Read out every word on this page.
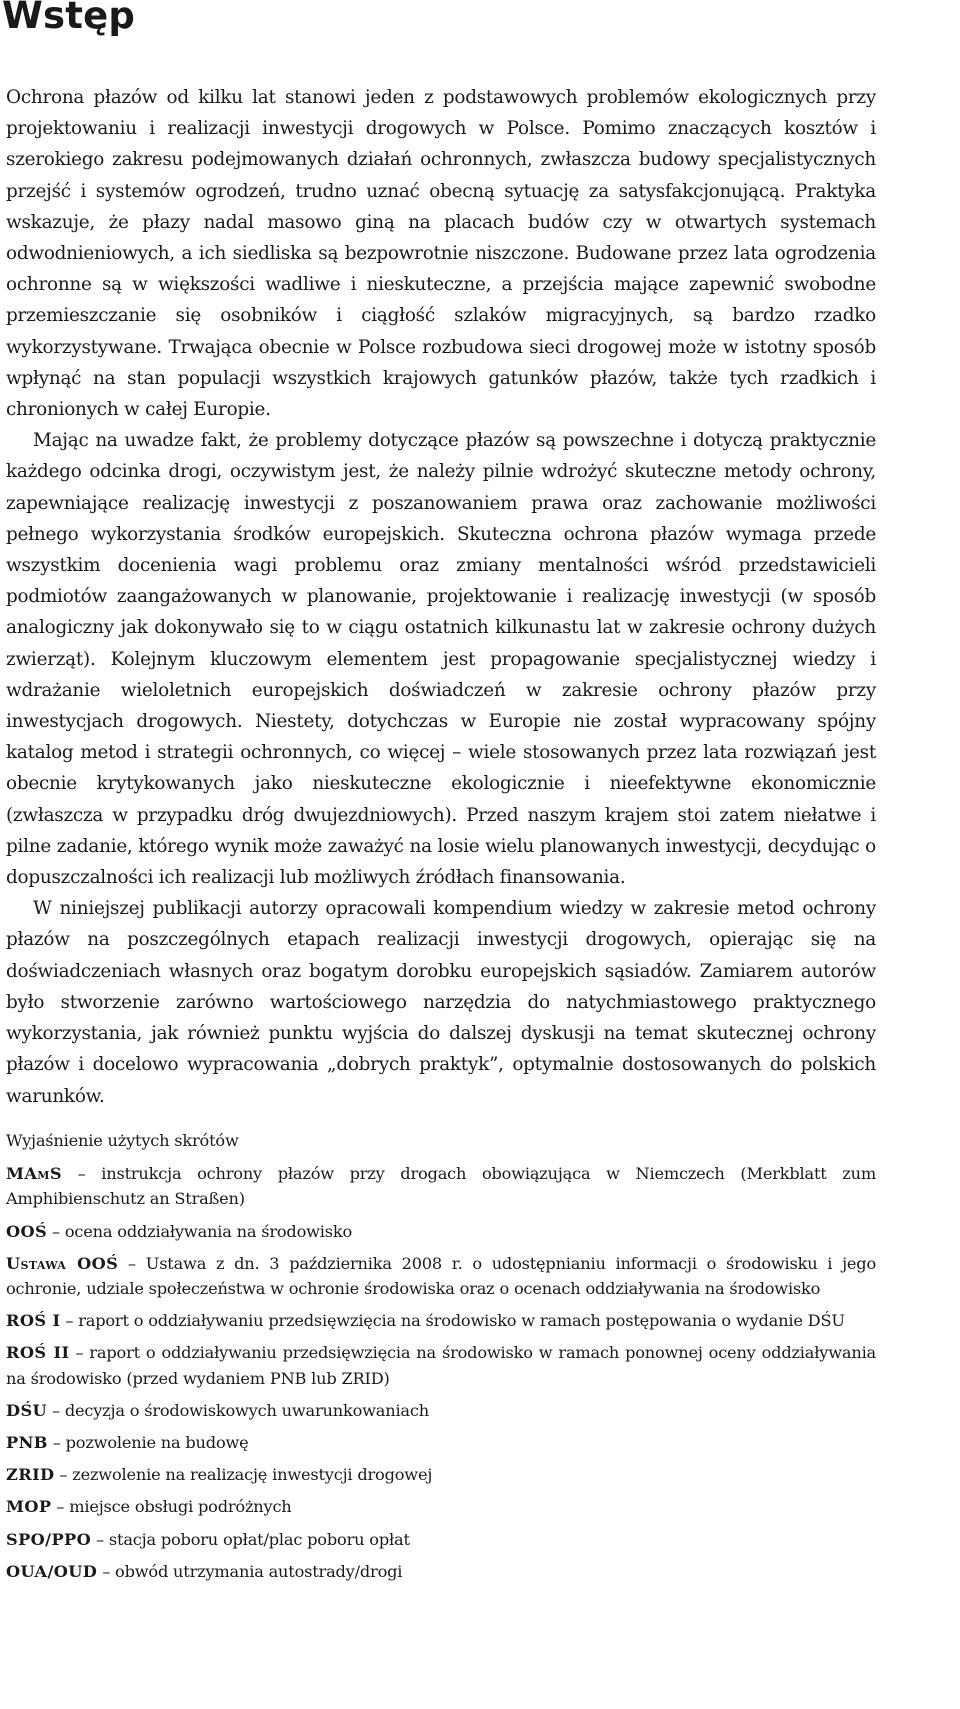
Wstęp

Ochrona płazów od kilku lat stanowi jeden z podstawowych problemów ekologicznych przy projektowaniu i realizacji inwestycji drogowych w Polsce. Pomimo znaczących kosztów i szerokiego zakresu podejmowanych działań ochronnych, zwłaszcza budowy specjalistycznych przejść i systemów ogrodzeń, trudno uznać obecną sytuację za satysfakcjonującą. Praktyka wskazuje, że płazy nadal masowo giną na placach budów czy w otwartych systemach odwodnieniowych, a ich siedliska są bezpowrotnie niszczone. Budowane przez lata ogrodzenia ochronne są w większości wadliwe i nieskuteczne, a przejścia mające zapewnić swobodne przemieszczanie się osobników i ciągłość szlaków migracyjnych, są bardzo rzadko wykorzystywane. Trwająca obecnie w Polsce rozbudowa sieci drogowej może w istotny sposób wpłynąć na stan populacji wszystkich krajowych gatunków płazów, także tych rzadkich i chronionych w całej Europie.

Mając na uwadze fakt, że problemy dotyczące płazów są powszechne i dotyczą praktycznie każdego odcinka drogi, oczywistym jest, że należy pilnie wdrożyć skuteczne metody ochrony, zapewniające realizację inwestycji z poszanowaniem prawa oraz zachowanie możliwości pełnego wykorzystania środków europejskich. Skuteczna ochrona płazów wymaga przede wszystkim docenienia wagi problemu oraz zmiany mentalności wśród przedstawicieli podmiotów zaangażowanych w planowanie, projektowanie i realizację inwestycji (w sposób analogiczny jak dokonywało się to w ciągu ostatnich kilkunastu lat w zakresie ochrony dużych zwierząt). Kolejnym kluczowym elementem jest propagowanie specjalistycznej wiedzy i wdrażanie wieloletnich europejskich doświadczeń w zakresie ochrony płazów przy inwestycjach drogowych. Niestety, dotychczas w Europie nie został wypracowany spójny katalog metod i strategii ochronnych, co więcej – wiele stosowanych przez lata rozwiązań jest obecnie krytykowanych jako nieskuteczne ekologicznie i nieefektywne ekonomicznie (zwłaszcza w przypadku dróg dwujezdniowych). Przed naszym krajem stoi zatem niełatwe i pilne zadanie, którego wynik może zaważyć na losie wielu planowanych inwestycji, decydując o dopuszczalności ich realizacji lub możliwych źródłach finansowania.

W niniejszej publikacji autorzy opracowali kompendium wiedzy w zakresie metod ochrony płazów na poszczególnych etapach realizacji inwestycji drogowych, opierając się na doświadczeniach własnych oraz bogatym dorobku europejskich sąsiadów. Zamiarem autorów było stworzenie zarówno wartościowego narzędzia do natychmiastowego praktycznego wykorzystania, jak również punktu wyjścia do dalszej dyskusji na temat skutecznej ochrony płazów i docelowo wypracowania „dobrych praktyk”, optymalnie dostosowanych do polskich warunków.

Wyjaśnienie użytych skrótów
MAmS – instrukcja ochrony płazów przy drogach obowiązująca w Niemczech (Merkblatt zum Amphibienschutz an Straßen)
OOŚ – ocena oddziaływania na środowisko
Ustawa OOŚ – Ustawa z dn. 3 października 2008 r. o udostępnianiu informacji o środowisku i jego ochronie, udziale społeczeństwa w ochronie środowiska oraz o ocenach oddziaływania na środowisko
ROŚ I – raport o oddziaływaniu przedsięwzięcia na środowisko w ramach postępowania o wydanie DŚU
ROŚ II – raport o oddziaływaniu przedsięwzięcia na środowisko w ramach ponownej oceny oddziaływania na środowisko (przed wydaniem PNB lub ZRID)
DŚU – decyzja o środowiskowych uwarunkowaniach
PNB – pozwolenie na budowę
ZRID – zezwolenie na realizację inwestycji drogowej
MOP – miejsce obsługi podróżnych
SPO/PPO – stacja poboru opłat/plac poboru opłat
OUA/OUD – obwód utrzymania autostrady/drogi
